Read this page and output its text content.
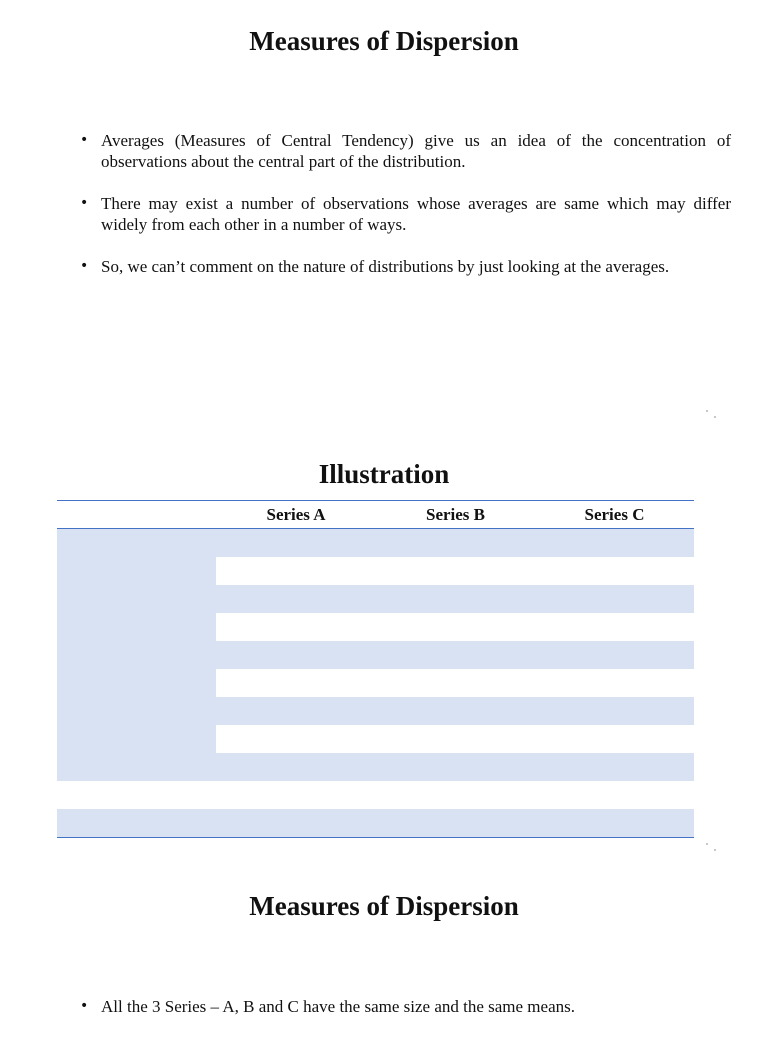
Measures of Dispersion
• Averages (Measures of Central Tendency) give us an idea of the concentration of observations about the central part of the distribution.
• There may exist a number of observations whose averages are same which may differ widely from each other in a number of ways.
• So, we can’t comment on the nature of distributions by just looking at the averages.
Illustration
	Series A	Series B	Series C

Measures of Dispersion
• All the 3 Series – A, B and C have the same size and the same means.
